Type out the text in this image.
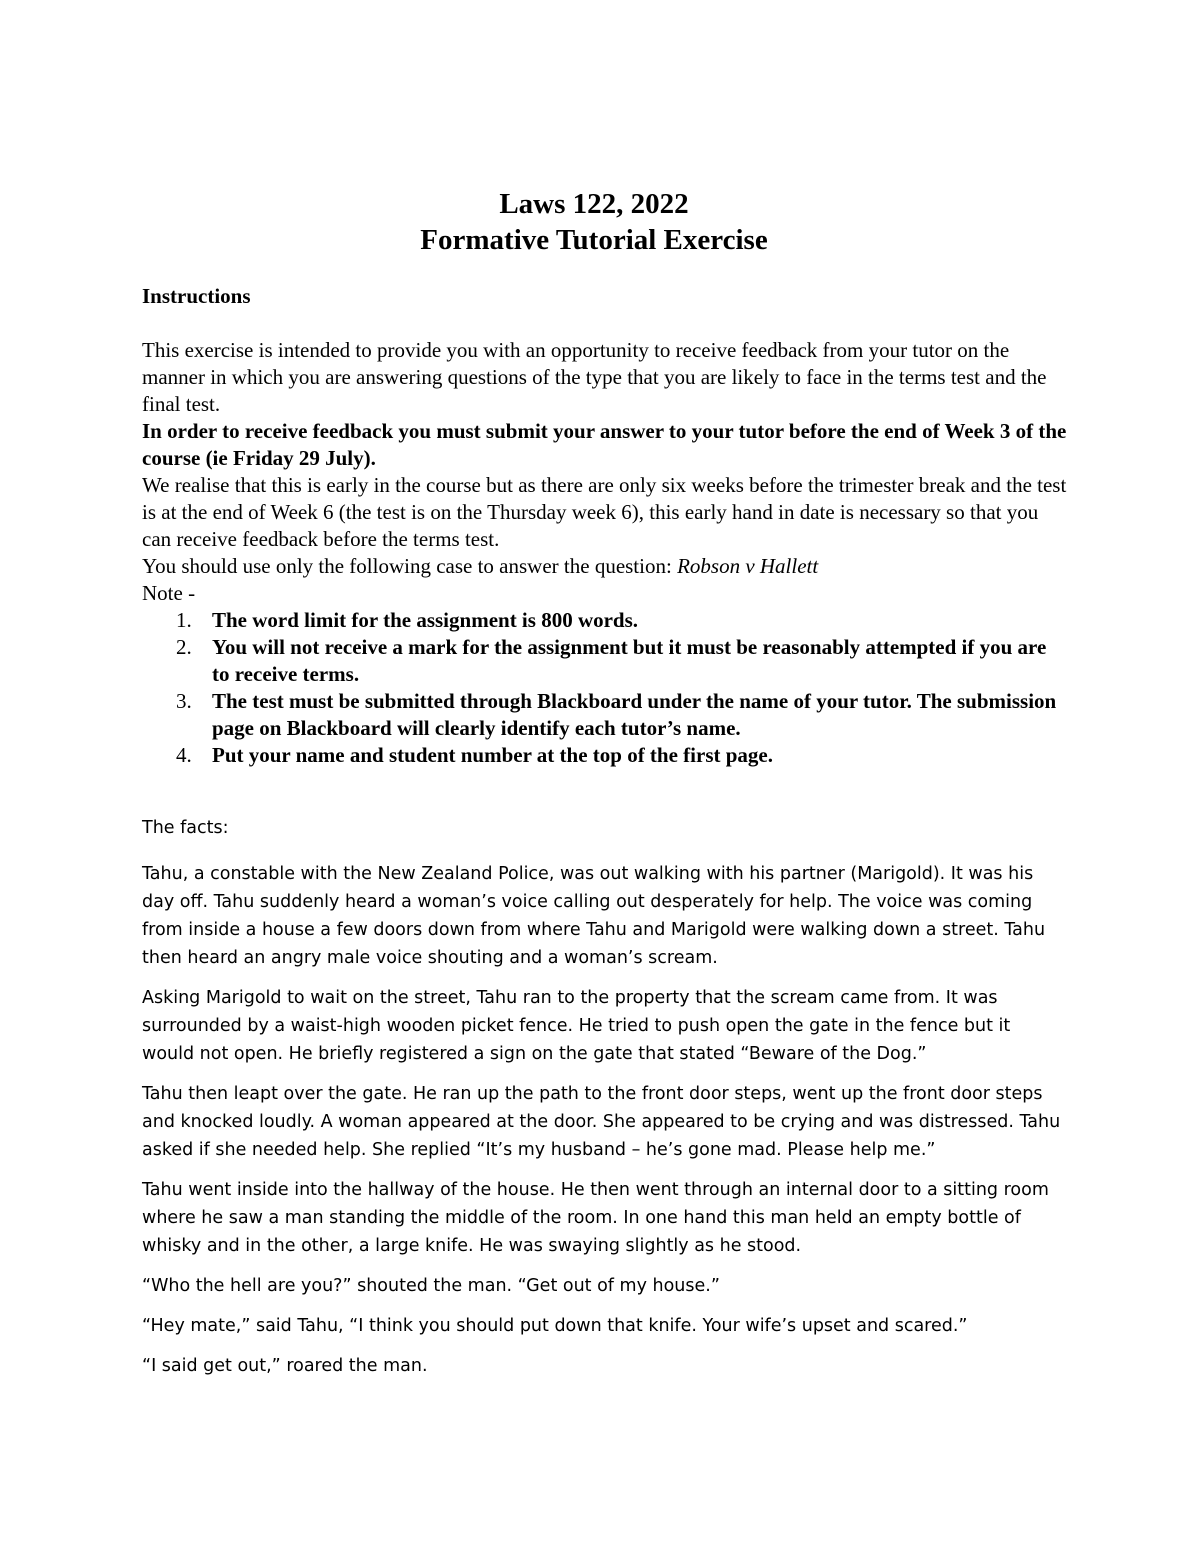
Laws 122, 2022
Formative Tutorial Exercise

Instructions

This exercise is intended to provide you with an opportunity to receive feedback from your tutor on the manner in which you are answering questions of the type that you are likely to face in the terms test and the final test.

In order to receive feedback you must submit your answer to your tutor before the end of Week 3 of the course (ie Friday 29 July).

We realise that this is early in the course but as there are only six weeks before the trimester break and the test is at the end of Week 6 (the test is on the Thursday week 6), this early hand in date is necessary so that you can receive feedback before the terms test.

You should use only the following case to answer the question: Robson v Hallett

Note -

1. The word limit for the assignment is 800 words.
2. You will not receive a mark for the assignment but it must be reasonably attempted if you are to receive terms.
3. The test must be submitted through Blackboard under the name of your tutor. The submission page on Blackboard will clearly identify each tutor’s name.
4. Put your name and student number at the top of the first page.

The facts:

Tahu, a constable with the New Zealand Police, was out walking with his partner (Marigold). It was his day off. Tahu suddenly heard a woman’s voice calling out desperately for help. The voice was coming from inside a house a few doors down from where Tahu and Marigold were walking down a street. Tahu then heard an angry male voice shouting and a woman’s scream.

Asking Marigold to wait on the street, Tahu ran to the property that the scream came from. It was surrounded by a waist-high wooden picket fence. He tried to push open the gate in the fence but it would not open. He briefly registered a sign on the gate that stated “Beware of the Dog.”

Tahu then leapt over the gate. He ran up the path to the front door steps, went up the front door steps and knocked loudly. A woman appeared at the door. She appeared to be crying and was distressed. Tahu asked if she needed help. She replied “It’s my husband – he’s gone mad. Please help me.”

Tahu went inside into the hallway of the house. He then went through an internal door to a sitting room where he saw a man standing the middle of the room. In one hand this man held an empty bottle of whisky and in the other, a large knife. He was swaying slightly as he stood.

“Who the hell are you?” shouted the man. “Get out of my house.”

“Hey mate,” said Tahu, “I think you should put down that knife. Your wife’s upset and scared.”

“I said get out,” roared the man.
